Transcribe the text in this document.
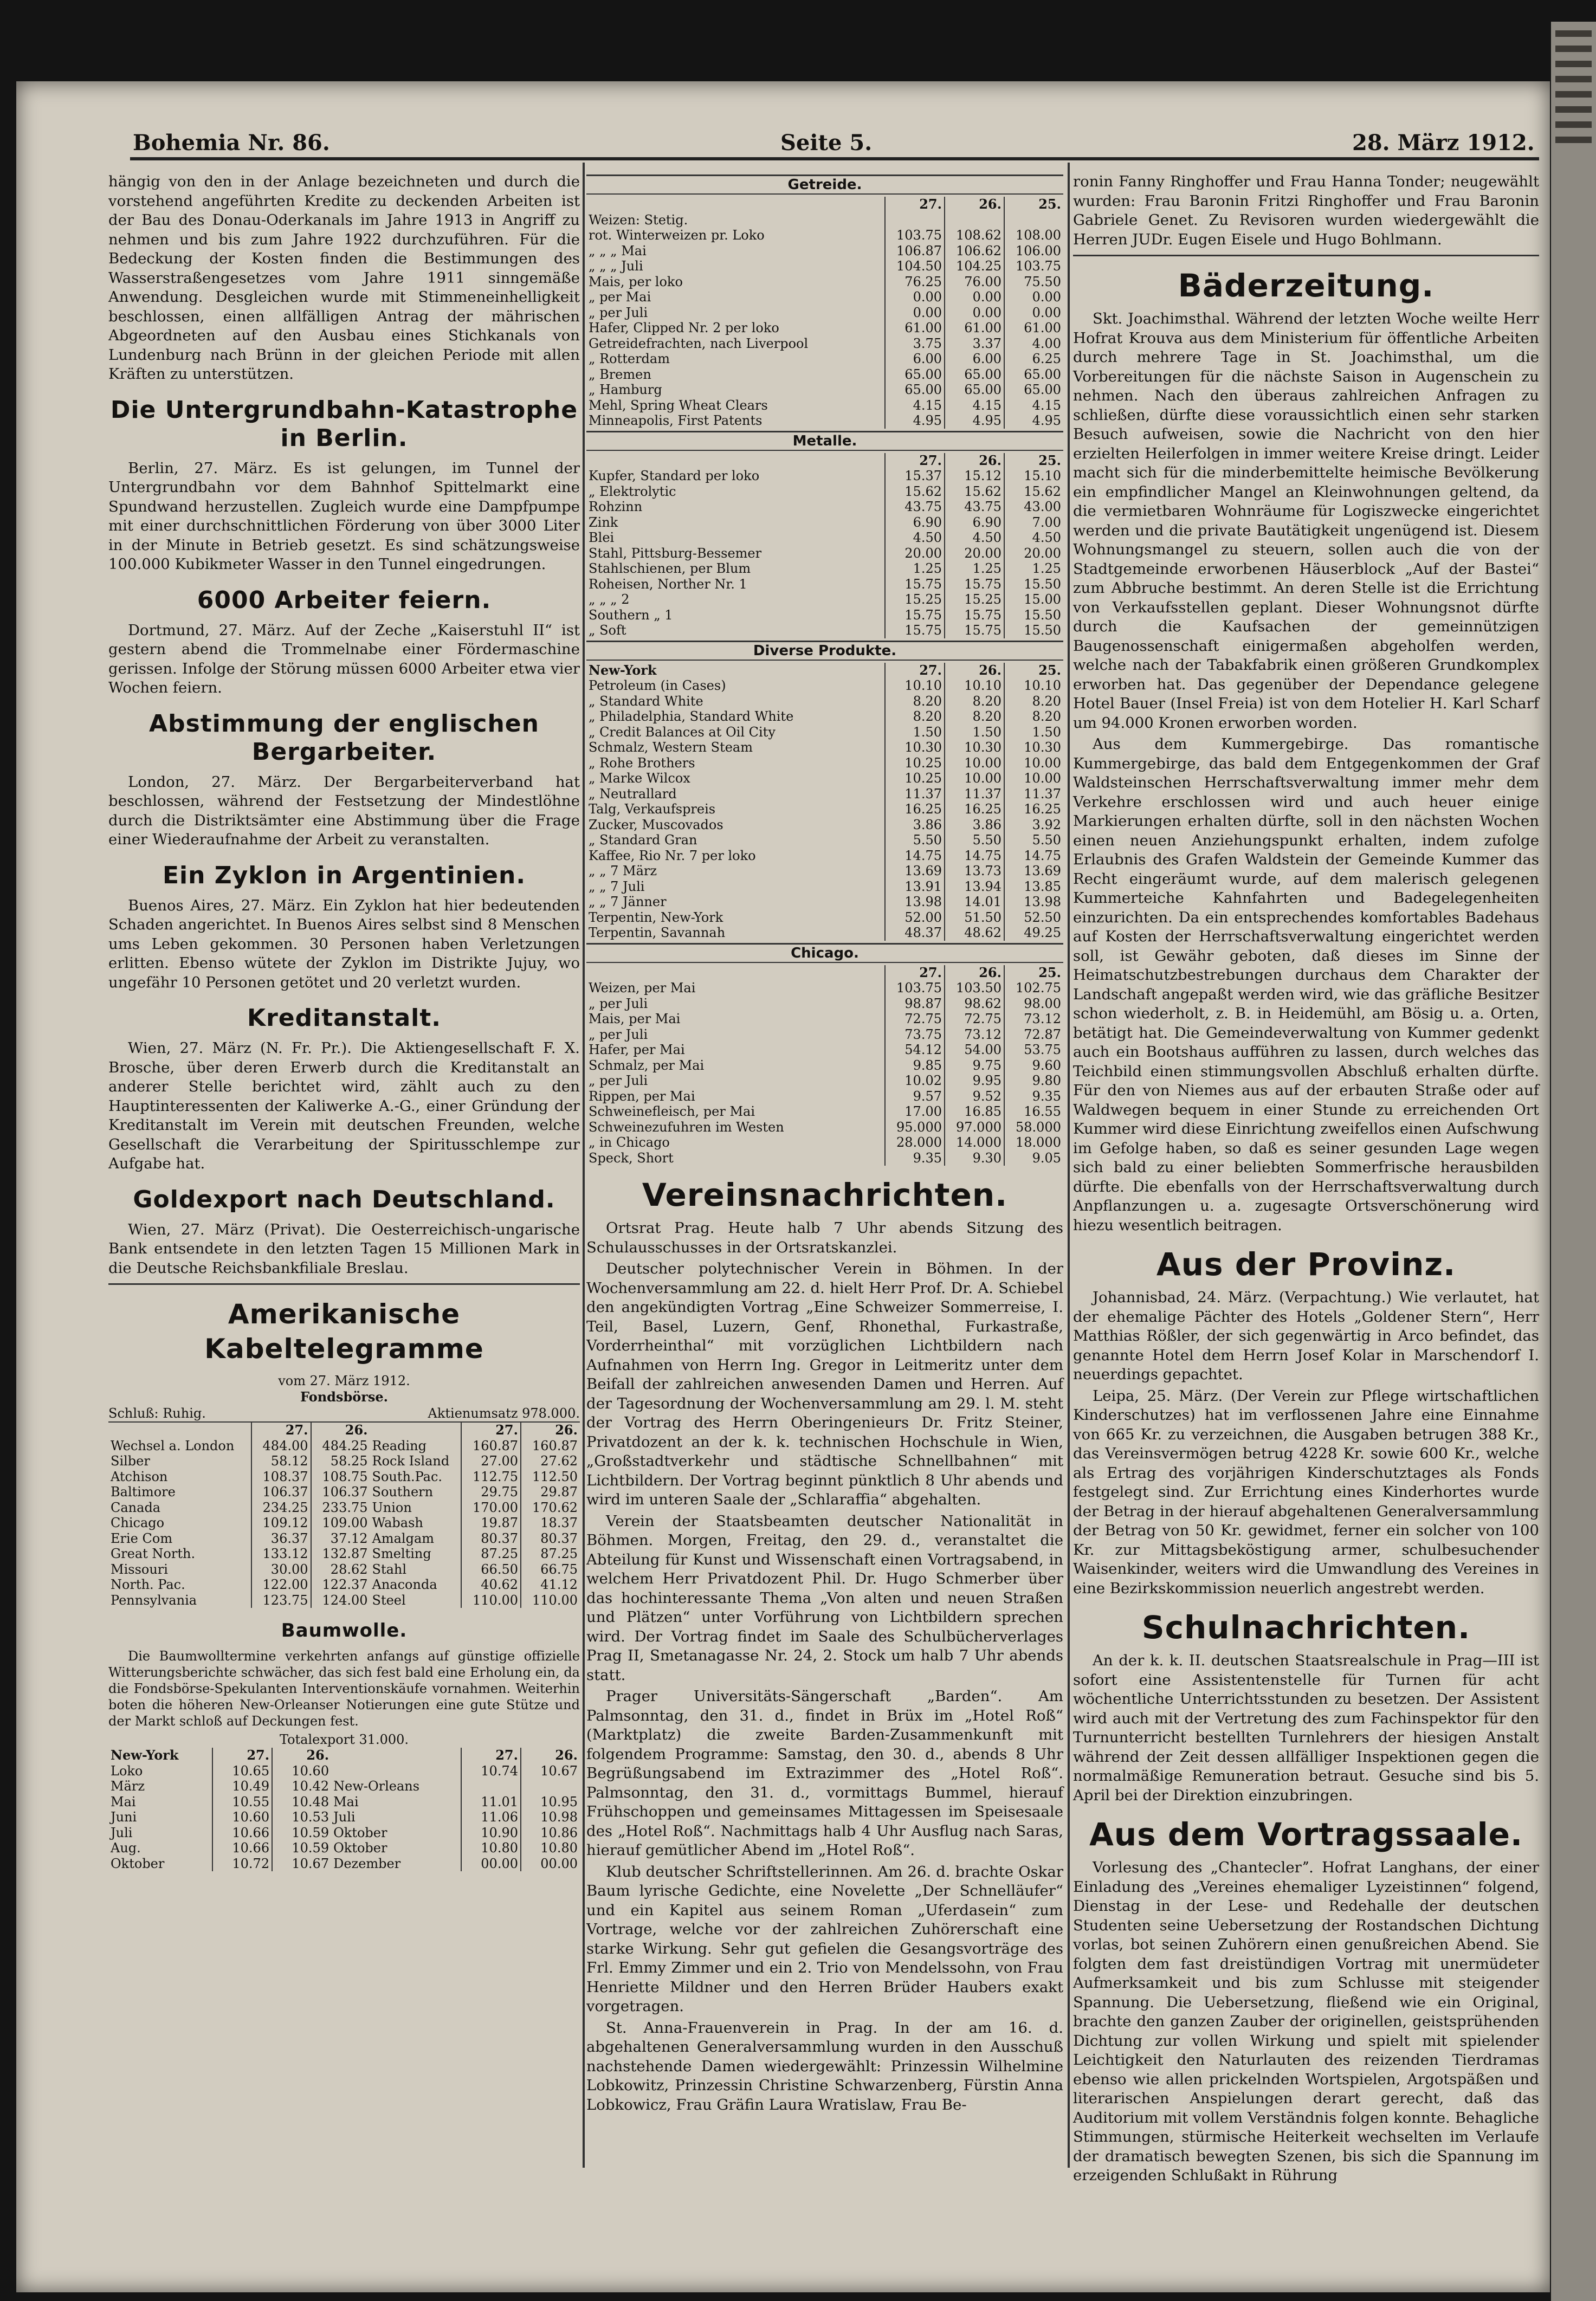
Bohemia Nr. 86.	Seite 5.	28. März 1912.

hängig von den in der Anlage bezeichneten und durch die vorstehend angeführten Kredite zu deckenden Arbeiten ist der Bau des Donau-Oderkanals im Jahre 1913 in Angriff zu nehmen und bis zum Jahre 1922 durchzuführen. Für die Bedeckung der Kosten finden die Bestimmungen des Wasserstraßengesetzes vom Jahre 1911 sinngemäße Anwendung. Desgleichen wurde mit Stimmeneinhelligkeit beschlossen, einen allfälligen Antrag der mährischen Abgeordneten auf den Ausbau eines Stichkanals von Lundenburg nach Brünn in der gleichen Periode mit allen Kräften zu unterstützen.

Die Untergrundbahn-Katastrophe in Berlin.

Berlin, 27. März. Es ist gelungen, im Tunnel der Untergrundbahn vor dem Bahnhof Spittelmarkt eine Spundwand herzustellen. Zugleich wurde eine Dampfpumpe mit einer durchschnittlichen Förderung von über 3000 Liter in der Minute in Betrieb gesetzt. Es sind schätzungsweise 100.000 Kubikmeter Wasser in den Tunnel eingedrungen.

6000 Arbeiter feiern.

Dortmund, 27. März. Auf der Zeche „Kaiserstuhl II“ ist gestern abend die Trommelnabe einer Fördermaschine gerissen. Infolge der Störung müssen 6000 Arbeiter etwa vier Wochen feiern.

Abstimmung der englischen Bergarbeiter.

London, 27. März. Der Bergarbeiterverband hat beschlossen, während der Festsetzung der Mindestlöhne durch die Distriktsämter eine Abstimmung über die Frage einer Wiederaufnahme der Arbeit zu veranstalten.

Ein Zyklon in Argentinien.

Buenos Aires, 27. März. Ein Zyklon hat hier bedeutenden Schaden angerichtet. In Buenos Aires selbst sind 8 Menschen ums Leben gekommen. 30 Personen haben Verletzungen erlitten. Ebenso wütete der Zyklon im Distrikte Jujuy, wo ungefähr 10 Personen getötet und 20 verletzt wurden.

Kreditanstalt.

Wien, 27. März (N. Fr. Pr.). Die Aktiengesellschaft F. X. Brosche, über deren Erwerb durch die Kreditanstalt an anderer Stelle berichtet wird, zählt auch zu den Hauptinteressenten der Kaliwerke A.-G., einer Gründung der Kreditanstalt im Verein mit deutschen Freunden, welche Gesellschaft die Verarbeitung der Spiritusschlempe zur Aufgabe hat.

Goldexport nach Deutschland.

Wien, 27. März (Privat). Die Oesterreichisch-ungarische Bank entsendete in den letzten Tagen 15 Millionen Mark in die Deutsche Reichsbankfiliale Breslau.

Amerikanische Kabeltelegramme
vom 27. März 1912.
Fondsbörse.
Schluß: Ruhig.	Aktienumsatz 978.000.
	27.	26.		27.	26.
Wechsel a. London	484.00	484.25	Reading	160.87	160.87
Silber	58.12	58.25	Rock Island	27.00	27.62
Atchison	108.37	108.75	South.Pac.	112.75	112.50
Baltimore	106.37	106.37	Southern	29.75	29.87
Canada	234.25	233.75	Union	170.00	170.62
Chicago	109.12	109.00	Wabash	19.87	18.37
Erie Com	36.37	37.12	Amalgam	80.37	80.37
Great North.	133.12	132.87	Smelting	87.25	87.25
Missouri	30.00	28.62	Stahl	66.50	66.75
North. Pac.	122.00	122.37	Anaconda	40.62	41.12
Pennsylvania	123.75	124.00	Steel	110.00	110.00
Baumwolle.

Die Baumwolltermine verkehrten anfangs auf günstige offizielle Witterungsberichte schwächer, das sich fest bald eine Erholung ein, da die Fondsbörse-Spekulanten Interventionskäufe vornahmen. Weiterhin boten die höheren New-Orleanser Notierungen eine gute Stütze und der Markt schloß auf Deckungen fest.

Totalexport 31.000.
New-York	27.	26.		27.	26.
Loko	10.65	10.60		10.74	10.67
März	10.49	10.42	New-Orleans		
Mai	10.55	10.48	Mai	11.01	10.95
Juni	10.60	10.53	Juli	11.06	10.98
Juli	10.66	10.59	Oktober	10.90	10.86
Aug.	10.66	10.59	Oktober	10.80	10.80
Oktober	10.72	10.67	Dezember	00.00	00.00
Getreide.
	27.	26.	25.
Weizen: Stetig.			
rot. Winterweizen pr. Loko	103.75	108.62	108.00
„ „ „ Mai	106.87	106.62	106.00
„ „ „ Juli	104.50	104.25	103.75
Mais, per loko	76.25	76.00	75.50
„ per Mai	0.00	0.00	0.00
„ per Juli	0.00	0.00	0.00
Hafer, Clipped Nr. 2 per loko	61.00	61.00	61.00
Getreidefrachten, nach Liverpool	3.75	3.37	4.00
„ Rotterdam	6.00	6.00	6.25
„ Bremen	65.00	65.00	65.00
„ Hamburg	65.00	65.00	65.00
Mehl, Spring Wheat Clears	4.15	4.15	4.15
Minneapolis, First Patents	4.95	4.95	4.95
Metalle.
	27.	26.	25.
Kupfer, Standard per loko	15.37	15.12	15.10
„ Elektrolytic	15.62	15.62	15.62
Rohzinn	43.75	43.75	43.00
Zink	6.90	6.90	7.00
Blei	4.50	4.50	4.50
Stahl, Pittsburg-Bessemer	20.00	20.00	20.00
Stahlschienen, per Blum	1.25	1.25	1.25
Roheisen, Norther Nr. 1	15.75	15.75	15.50
„ „ „ 2	15.25	15.25	15.00
Southern „ 1	15.75	15.75	15.50
„ Soft	15.75	15.75	15.50
Diverse Produkte.
New-York	27.	26.	25.
Petroleum (in Cases)	10.10	10.10	10.10
„ Standard White	8.20	8.20	8.20
„ Philadelphia, Standard White	8.20	8.20	8.20
„ Credit Balances at Oil City	1.50	1.50	1.50
Schmalz, Western Steam	10.30	10.30	10.30
„ Rohe Brothers	10.25	10.00	10.00
„ Marke Wilcox	10.25	10.00	10.00
„ Neutrallard	11.37	11.37	11.37
Talg, Verkaufspreis	16.25	16.25	16.25
Zucker, Muscovados	3.86	3.86	3.92
„ Standard Gran	5.50	5.50	5.50
Kaffee, Rio Nr. 7 per loko	14.75	14.75	14.75
„ „ 7 März	13.69	13.73	13.69
„ „ 7 Juli	13.91	13.94	13.85
„ „ 7 Jänner	13.98	14.01	13.98
Terpentin, New-York	52.00	51.50	52.50
Terpentin, Savannah	48.37	48.62	49.25
Chicago.
	27.	26.	25.
Weizen, per Mai	103.75	103.50	102.75
„ per Juli	98.87	98.62	98.00
Mais, per Mai	72.75	72.75	73.12
„ per Juli	73.75	73.12	72.87
Hafer, per Mai	54.12	54.00	53.75
Schmalz, per Mai	9.85	9.75	9.60
„ per Juli	10.02	9.95	9.80
Rippen, per Mai	9.57	9.52	9.35
Schweinefleisch, per Mai	17.00	16.85	16.55
Schweinezufuhren im Westen	95.000	97.000	58.000
„ in Chicago	28.000	14.000	18.000
Speck, Short	9.35	9.30	9.05
Vereinsnachrichten.

Ortsrat Prag. Heute halb 7 Uhr abends Sitzung des Schulausschusses in der Ortsratskanzlei.

Deutscher polytechnischer Verein in Böhmen. In der Wochenversammlung am 22. d. hielt Herr Prof. Dr. A. Schiebel den angekündigten Vortrag „Eine Schweizer Sommerreise, I. Teil, Basel, Luzern, Genf, Rhonethal, Furkastraße, Vorderrheinthal“ mit vorzüglichen Lichtbildern nach Aufnahmen von Herrn Ing. Gregor in Leitmeritz unter dem Beifall der zahlreichen anwesenden Damen und Herren. Auf der Tagesordnung der Wochenversammlung am 29. l. M. steht der Vortrag des Herrn Oberingenieurs Dr. Fritz Steiner, Privatdozent an der k. k. technischen Hochschule in Wien, „Großstadtverkehr und städtische Schnellbahnen“ mit Lichtbildern. Der Vortrag beginnt pünktlich 8 Uhr abends und wird im unteren Saale der „Schlaraffia“ abgehalten.

Verein der Staatsbeamten deutscher Nationalität in Böhmen. Morgen, Freitag, den 29. d., veranstaltet die Abteilung für Kunst und Wissenschaft einen Vortragsabend, in welchem Herr Privatdozent Phil. Dr. Hugo Schmerber über das hochinteressante Thema „Von alten und neuen Straßen und Plätzen“ unter Vorführung von Lichtbildern sprechen wird. Der Vortrag findet im Saale des Schulbücherverlages Prag II, Smetanagasse Nr. 24, 2. Stock um halb 7 Uhr abends statt.

Prager Universitäts-Sängerschaft „Barden“. Am Palmsonntag, den 31. d., findet in Brüx im „Hotel Roß“ (Marktplatz) die zweite Barden-Zusammenkunft mit folgendem Programme: Samstag, den 30. d., abends 8 Uhr Begrüßungsabend im Extrazimmer des „Hotel Roß“. Palmsonntag, den 31. d., vormittags Bummel, hierauf Frühschoppen und gemeinsames Mittagessen im Speisesaale des „Hotel Roß“. Nachmittags halb 4 Uhr Ausflug nach Saras, hierauf gemütlicher Abend im „Hotel Roß“.

Klub deutscher Schriftstellerinnen. Am 26. d. brachte Oskar Baum lyrische Gedichte, eine Novelette „Der Schnelläufer“ und ein Kapitel aus seinem Roman „Uferdasein“ zum Vortrage, welche vor der zahlreichen Zuhörerschaft eine starke Wirkung. Sehr gut gefielen die Gesangsvorträge des Frl. Emmy Zimmer und ein 2. Trio von Mendelssohn, von Frau Henriette Mildner und den Herren Brüder Haubers exakt vorgetragen.

St. Anna-Frauenverein in Prag. In der am 16. d. abgehaltenen Generalversammlung wurden in den Ausschuß nachstehende Damen wiedergewählt: Prinzessin Wilhelmine Lobkowitz, Prinzessin Christine Schwarzenberg, Fürstin Anna Lobkowicz, Frau Gräfin Laura Wratislaw, Frau Be-

ronin Fanny Ringhoffer und Frau Hanna Tonder; neugewählt wurden: Frau Baronin Fritzi Ringhoffer und Frau Baronin Gabriele Genet. Zu Revisoren wurden wiedergewählt die Herren JUDr. Eugen Eisele und Hugo Bohlmann.

Bäderzeitung.

Skt. Joachimsthal. Während der letzten Woche weilte Herr Hofrat Krouva aus dem Ministerium für öffentliche Arbeiten durch mehrere Tage in St. Joachimsthal, um die Vorbereitungen für die nächste Saison in Augenschein zu nehmen. Nach den überaus zahlreichen Anfragen zu schließen, dürfte diese voraussichtlich einen sehr starken Besuch aufweisen, sowie die Nachricht von den hier erzielten Heilerfolgen in immer weitere Kreise dringt. Leider macht sich für die minderbemittelte heimische Bevölkerung ein empfindlicher Mangel an Kleinwohnungen geltend, da die vermietbaren Wohnräume für Logiszwecke eingerichtet werden und die private Bautätigkeit ungenügend ist. Diesem Wohnungsmangel zu steuern, sollen auch die von der Stadtgemeinde erworbenen Häuserblock „Auf der Bastei“ zum Abbruche bestimmt. An deren Stelle ist die Errichtung von Verkaufsstellen geplant. Dieser Wohnungsnot dürfte durch die Kaufsachen der gemeinnützigen Baugenossenschaft einigermaßen abgeholfen werden, welche nach der Tabakfabrik einen größeren Grundkomplex erworben hat. Das gegenüber der Dependance gelegene Hotel Bauer (Insel Freia) ist von dem Hotelier H. Karl Scharf um 94.000 Kronen erworben worden.

Aus dem Kummergebirge. Das romantische Kummergebirge, das bald dem Entgegenkommen der Graf Waldsteinschen Herrschaftsverwaltung immer mehr dem Verkehre erschlossen wird und auch heuer einige Markierungen erhalten dürfte, soll in den nächsten Wochen einen neuen Anziehungspunkt erhalten, indem zufolge Erlaubnis des Grafen Waldstein der Gemeinde Kummer das Recht eingeräumt wurde, auf dem malerisch gelegenen Kummerteiche Kahnfahrten und Badegelegenheiten einzurichten. Da ein entsprechendes komfortables Badehaus auf Kosten der Herrschaftsverwaltung eingerichtet werden soll, ist Gewähr geboten, daß dieses im Sinne der Heimatschutzbestrebungen durchaus dem Charakter der Landschaft angepaßt werden wird, wie das gräfliche Besitzer schon wiederholt, z. B. in Heidemühl, am Bösig u. a. Orten, betätigt hat. Die Gemeindeverwaltung von Kummer gedenkt auch ein Bootshaus aufführen zu lassen, durch welches das Teichbild einen stimmungsvollen Abschluß erhalten dürfte. Für den von Niemes aus auf der erbauten Straße oder auf Waldwegen bequem in einer Stunde zu erreichenden Ort Kummer wird diese Einrichtung zweifellos einen Aufschwung im Gefolge haben, so daß es seiner gesunden Lage wegen sich bald zu einer beliebten Sommerfrische herausbilden dürfte. Die ebenfalls von der Herrschaftsverwaltung durch Anpflanzungen u. a. zugesagte Ortsverschönerung wird hiezu wesentlich beitragen.

Aus der Provinz.

Johannisbad, 24. März. (Verpachtung.) Wie verlautet, hat der ehemalige Pächter des Hotels „Goldener Stern“, Herr Matthias Rößler, der sich gegenwärtig in Arco befindet, das genannte Hotel dem Herrn Josef Kolar in Marschendorf I. neuerdings gepachtet.

Leipa, 25. März. (Der Verein zur Pflege wirtschaftlichen Kinderschutzes) hat im verflossenen Jahre eine Einnahme von 665 Kr. zu verzeichnen, die Ausgaben betrugen 388 Kr., das Vereinsvermögen betrug 4228 Kr. sowie 600 Kr., welche als Ertrag des vorjährigen Kinderschutztages als Fonds festgelegt sind. Zur Errichtung eines Kinderhortes wurde der Betrag in der hierauf abgehaltenen Generalversammlung der Betrag von 50 Kr. gewidmet, ferner ein solcher von 100 Kr. zur Mittagsbeköstigung armer, schulbesuchender Waisenkinder, weiters wird die Umwandlung des Vereines in eine Bezirkskommission neuerlich angestrebt werden.

Schulnachrichten.

An der k. k. II. deutschen Staatsrealschule in Prag—III ist sofort eine Assistentenstelle für Turnen für acht wöchentliche Unterrichtsstunden zu besetzen. Der Assistent wird auch mit der Vertretung des zum Fachinspektor für den Turnunterricht bestellten Turnlehrers der hiesigen Anstalt während der Zeit dessen allfälliger Inspektionen gegen die normalmäßige Remuneration betraut. Gesuche sind bis 5. April bei der Direktion einzubringen.

Aus dem Vortragssaale.

Vorlesung des „Chanteclerˮ. Hofrat Langhans, der einer Einladung des „Vereines ehemaliger Lyzeistinnen“ folgend, Dienstag in der Lese- und Redehalle der deutschen Studenten seine Uebersetzung der Rostandschen Dichtung vorlas, bot seinen Zuhörern einen genußreichen Abend. Sie folgten dem fast dreistündigen Vortrag mit unermüdeter Aufmerksamkeit und bis zum Schlusse mit steigender Spannung. Die Uebersetzung, fließend wie ein Original, brachte den ganzen Zauber der originellen, geistsprühenden Dichtung zur vollen Wirkung und spielt mit spielender Leichtigkeit den Naturlauten des reizenden Tierdramas ebenso wie allen prickelnden Wortspielen, Argotspäßen und literarischen Anspielungen derart gerecht, daß das Auditorium mit vollem Verständnis folgen konnte. Behagliche Stimmungen, stürmische Heiterkeit wechselten im Verlaufe der dramatisch bewegten Szenen, bis sich die Spannung im erzeigenden Schlußakt in Rührung
